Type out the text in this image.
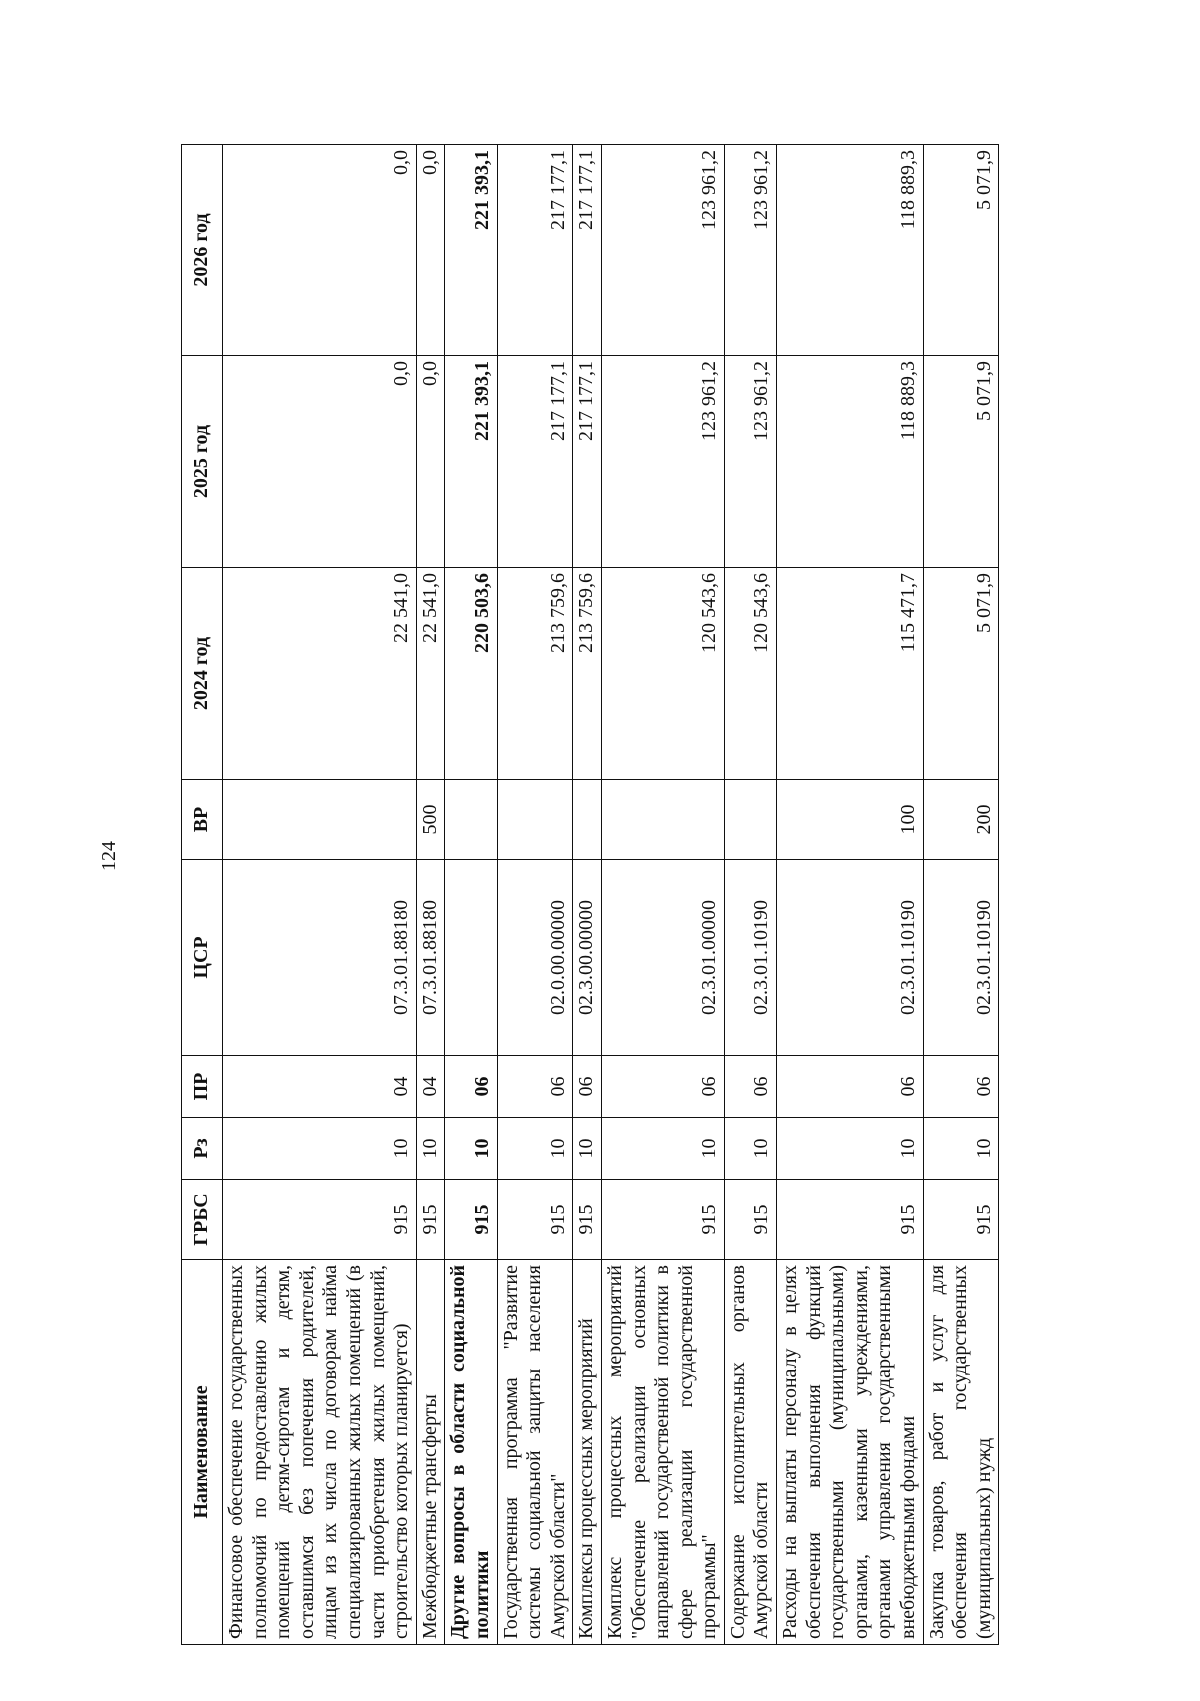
124
Наименование	ГРБС	Рз	ПР	ЦСР	ВР	2024 год	2025 год	2026 год
Финансовое обеспечение государственных полномочий по предоставлению жилых помещений детям-сиротам и детям, оставшимся без попечения родителей, лицам из их числа по договорам найма специализированных жилых помещений (в части приобретения жилых помещений, строительство которых планируется)	915	10	04	07.3.01.88180		22 541,0	0,0	0,0
Межбюджетные трансферты	915	10	04	07.3.01.88180	500	22 541,0	0,0	0,0
Другие вопросы в области социальной политики	915	10	06			220 503,6	221 393,1	221 393,1
Государственная программа "Развитие системы социальной защиты населения Амурской области"	915	10	06	02.0.00.00000		213 759,6	217 177,1	217 177,1
Комплексы процессных мероприятий	915	10	06	02.3.00.00000		213 759,6	217 177,1	217 177,1
Комплекс процессных мероприятий "Обеспечение реализации основных направлений государственной политики в сфере реализации государственной программы"	915	10	06	02.3.01.00000		120 543,6	123 961,2	123 961,2
Содержание исполнительных органов Амурской области	915	10	06	02.3.01.10190		120 543,6	123 961,2	123 961,2
Расходы на выплаты персоналу в целях обеспечения выполнения функций государственными (муниципальными) органами, казенными учреждениями, органами управления государственными внебюджетными фондами	915	10	06	02.3.01.10190	100	115 471,7	118 889,3	118 889,3
Закупка товаров, работ и услуг для обеспечения государственных (муниципальных) нужд	915	10	06	02.3.01.10190	200	5 071,9	5 071,9	5 071,9
